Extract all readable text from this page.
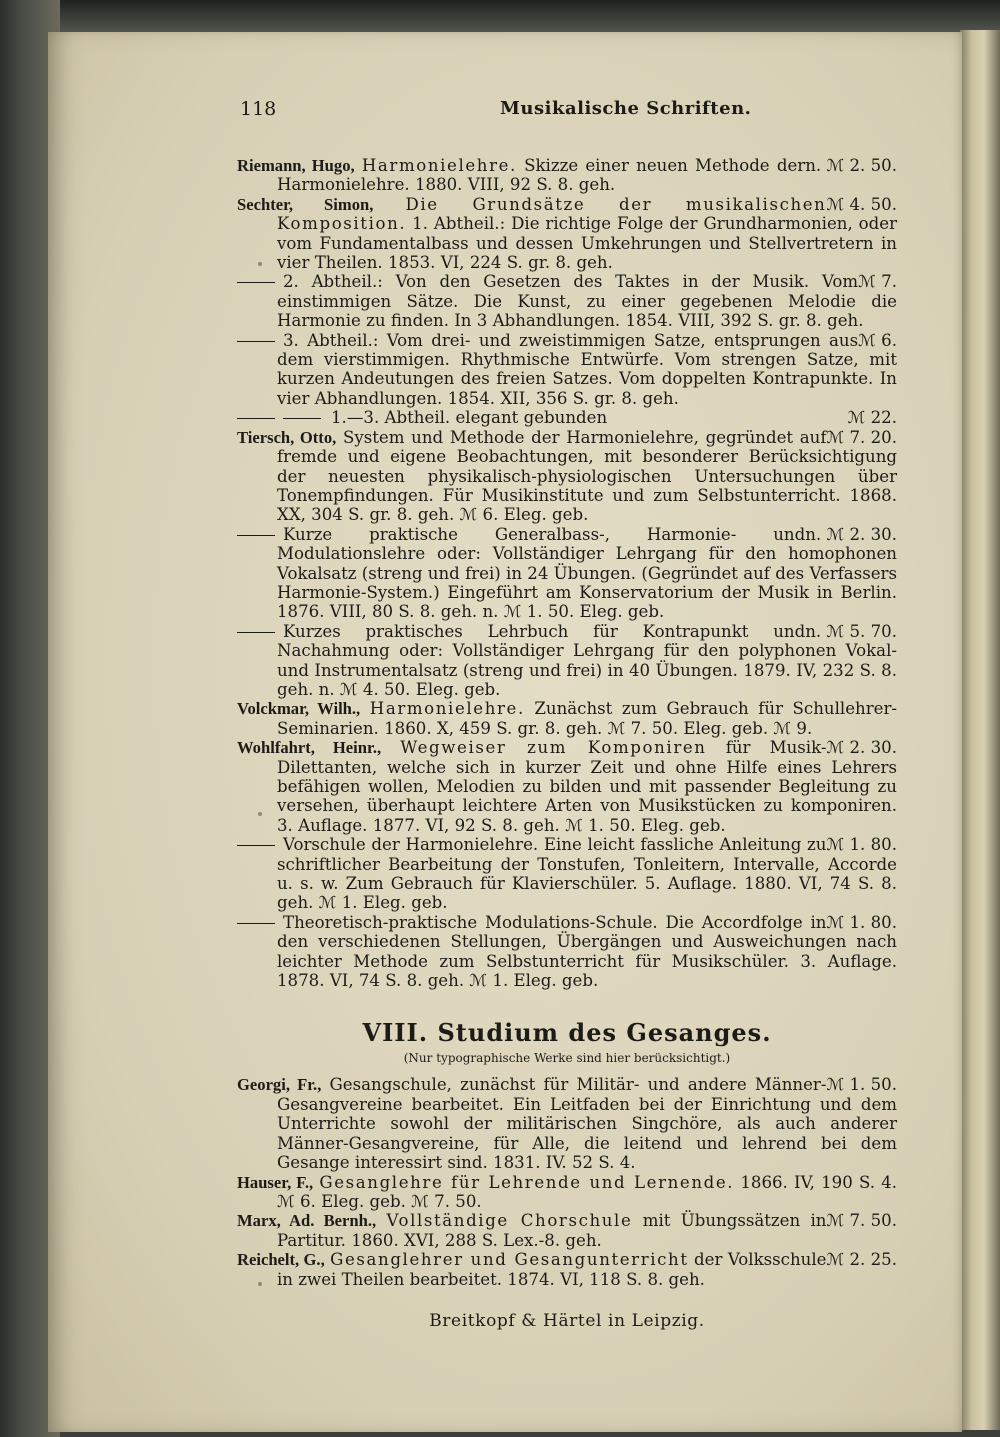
118	Musikalische Schriften.
n. ℳ 2. 50.
Riemann, Hugo, Harmonielehre. Skizze einer neuen Methode der Harmonielehre. 1880. VIII, 92 S. 8. geh.
ℳ 4. 50.
Sechter, Simon, Die Grundsätze der musikalischen Komposition. 1. Abtheil.: Die richtige Folge der Grundharmonien, oder vom Fundamentalbass und dessen Umkehrungen und Stellvertretern in vier Theilen. 1853. VI, 224 S. gr. 8. geh.
ℳ 7.
2. Abtheil.: Von den Gesetzen des Taktes in der Musik. Vom einstimmigen Sätze. Die Kunst, zu einer gegebenen Melodie die Harmonie zu finden. In 3 Abhandlungen. 1854. VIII, 392 S. gr. 8. geh.
ℳ 6.
3. Abtheil.: Vom drei- und zweistimmigen Satze, entsprungen aus dem vierstimmigen. Rhythmische Entwürfe. Vom strengen Satze, mit kurzen Andeutungen des freien Satzes. Vom doppelten Kontrapunkte. In vier Abhandlungen. 1854. XII, 356 S. gr. 8. geh.
ℳ 22.
1.—3. Abtheil. elegant gebunden
ℳ 7. 20.
Tiersch, Otto, System und Methode der Harmonielehre, gegründet auf fremde und eigene Beobachtungen, mit besonderer Berücksichtigung der neuesten physikalisch-physiologischen Untersuchungen über Tonempfindungen. Für Musikinstitute und zum Selbstunterricht. 1868. XX, 304 S. gr. 8. geh. ℳ 6. Eleg. geb.
n. ℳ 2. 30.
Kurze praktische Generalbass-, Harmonie- und Modulationslehre oder: Vollständiger Lehrgang für den homophonen Vokalsatz (streng und frei) in 24 Übungen. (Gegründet auf des Verfassers Harmonie-System.) Eingeführt am Konservatorium der Musik in Berlin. 1876. VIII, 80 S. 8. geh. n. ℳ 1. 50. Eleg. geb.
n. ℳ 5. 70.
Kurzes praktisches Lehrbuch für Kontrapunkt und Nachahmung oder: Vollständiger Lehrgang für den polyphonen Vokal- und Instrumentalsatz (streng und frei) in 40 Übungen. 1879. IV, 232 S. 8. geh. n. ℳ 4. 50. Eleg. geb.
Volckmar, Wilh., Harmonielehre. Zunächst zum Gebrauch für Schullehrer-Seminarien. 1860. X, 459 S. gr. 8. geh. ℳ 7. 50. Eleg. geb. ℳ 9.
ℳ 2. 30.
Wohlfahrt, Heinr., Wegweiser zum Komponiren für Musik-Dilettanten, welche sich in kurzer Zeit und ohne Hilfe eines Lehrers befähigen wollen, Melodien zu bilden und mit passender Begleitung zu versehen, überhaupt leichtere Arten von Musikstücken zu komponiren. 3. Auflage. 1877. VI, 92 S. 8. geh. ℳ 1. 50. Eleg. geb.
ℳ 1. 80.
Vorschule der Harmonielehre. Eine leicht fassliche Anleitung zu schriftlicher Bearbeitung der Tonstufen, Tonleitern, Intervalle, Accorde u. s. w. Zum Gebrauch für Klavierschüler. 5. Auflage. 1880. VI, 74 S. 8. geh. ℳ 1. Eleg. geb.
ℳ 1. 80.
Theoretisch-praktische Modulations-Schule. Die Accordfolge in den verschiedenen Stellungen, Übergängen und Ausweichungen nach leichter Methode zum Selbstunterricht für Musikschüler. 3. Auflage. 1878. VI, 74 S. 8. geh. ℳ 1. Eleg. geb.
VIII. Studium des Gesanges.
(Nur typographische Werke sind hier berücksichtigt.)
ℳ 1. 50.
Georgi, Fr., Gesangschule, zunächst für Militär- und andere Männer-Gesangvereine bearbeitet. Ein Leitfaden bei der Einrichtung und dem Unterrichte sowohl der militärischen Singchöre, als auch anderer Männer-Gesangvereine, für Alle, die leitend und lehrend bei dem Gesange interessirt sind. 1831. IV. 52 S. 4.
Hauser, F., Gesanglehre für Lehrende und Lernende. 1866. IV, 190 S. 4. ℳ 6. Eleg. geb. ℳ 7. 50.
ℳ 7. 50.
Marx, Ad. Bernh., Vollständige Chorschule mit Übungssätzen in Partitur. 1860. XVI, 288 S. Lex.-8. geh.
ℳ 2. 25.
Reichelt, G., Gesanglehrer und Gesangunterricht der Volksschule in zwei Theilen bearbeitet. 1874. VI, 118 S. 8. geh.
Breitkopf & Härtel in Leipzig.
